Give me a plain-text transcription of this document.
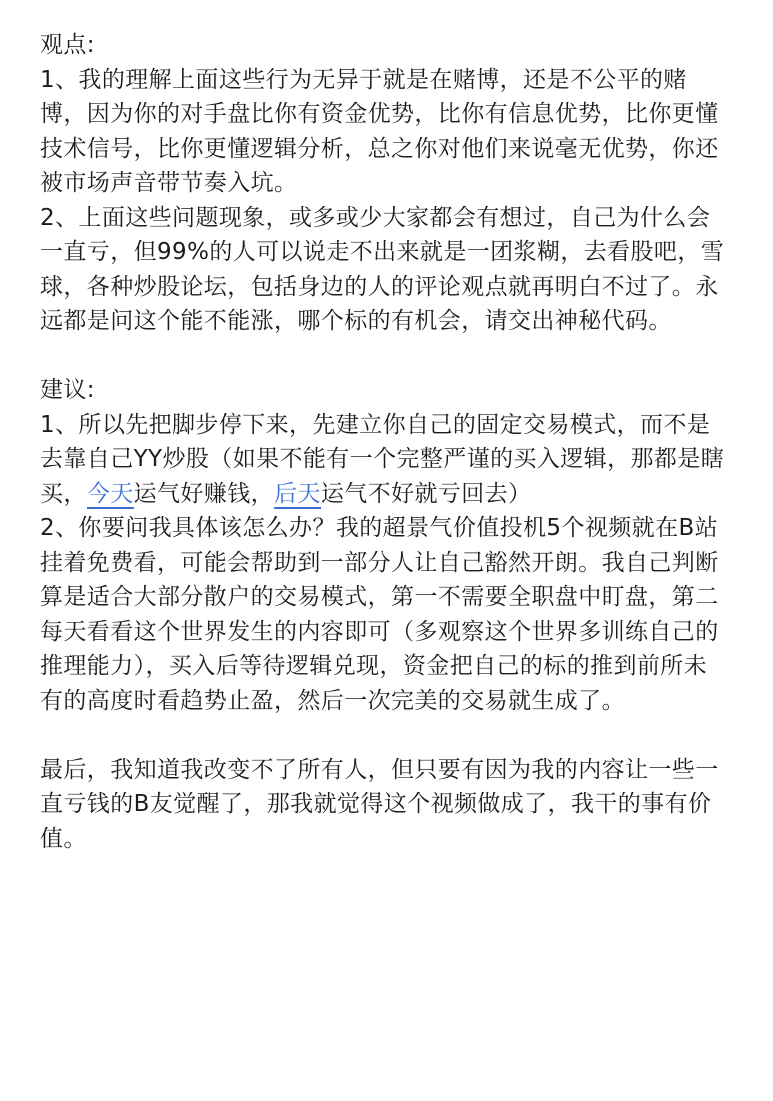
观点:
1、我的理解上面这些行为无异于就是在赌博，还是不公平的赌
博，因为你的对手盘比你有资金优势，比你有信息优势，比你更懂
技术信号，比你更懂逻辑分析，总之你对他们来说毫无优势，你还
被市场声音带节奏入坑。
2、上面这些问题现象，或多或少大家都会有想过，自己为什么会
一直亏，但99%的人可以说走不出来就是一团浆糊，去看股吧，雪
球，各种炒股论坛，包括身边的人的评论观点就再明白不过了。永
远都是问这个能不能涨，哪个标的有机会，请交出神秘代码。
建议:
1、所以先把脚步停下来，先建立你自己的固定交易模式，而不是
去靠自己YY炒股（如果不能有一个完整严谨的买入逻辑，那都是瞎
买，今天运气好赚钱，后天运气不好就亏回去）
2、你要问我具体该怎么办？我的超景气价值投机5个视频就在B站
挂着免费看，可能会帮助到一部分人让自己豁然开朗。我自己判断
算是适合大部分散户的交易模式，第一不需要全职盘中盯盘，第二
每天看看这个世界发生的内容即可（多观察这个世界多训练自己的
推理能力），买入后等待逻辑兑现，资金把自己的标的推到前所未
有的高度时看趋势止盈，然后一次完美的交易就生成了。
最后，我知道我改变不了所有人，但只要有因为我的内容让一些一
直亏钱的B友觉醒了，那我就觉得这个视频做成了，我干的事有价
值。
